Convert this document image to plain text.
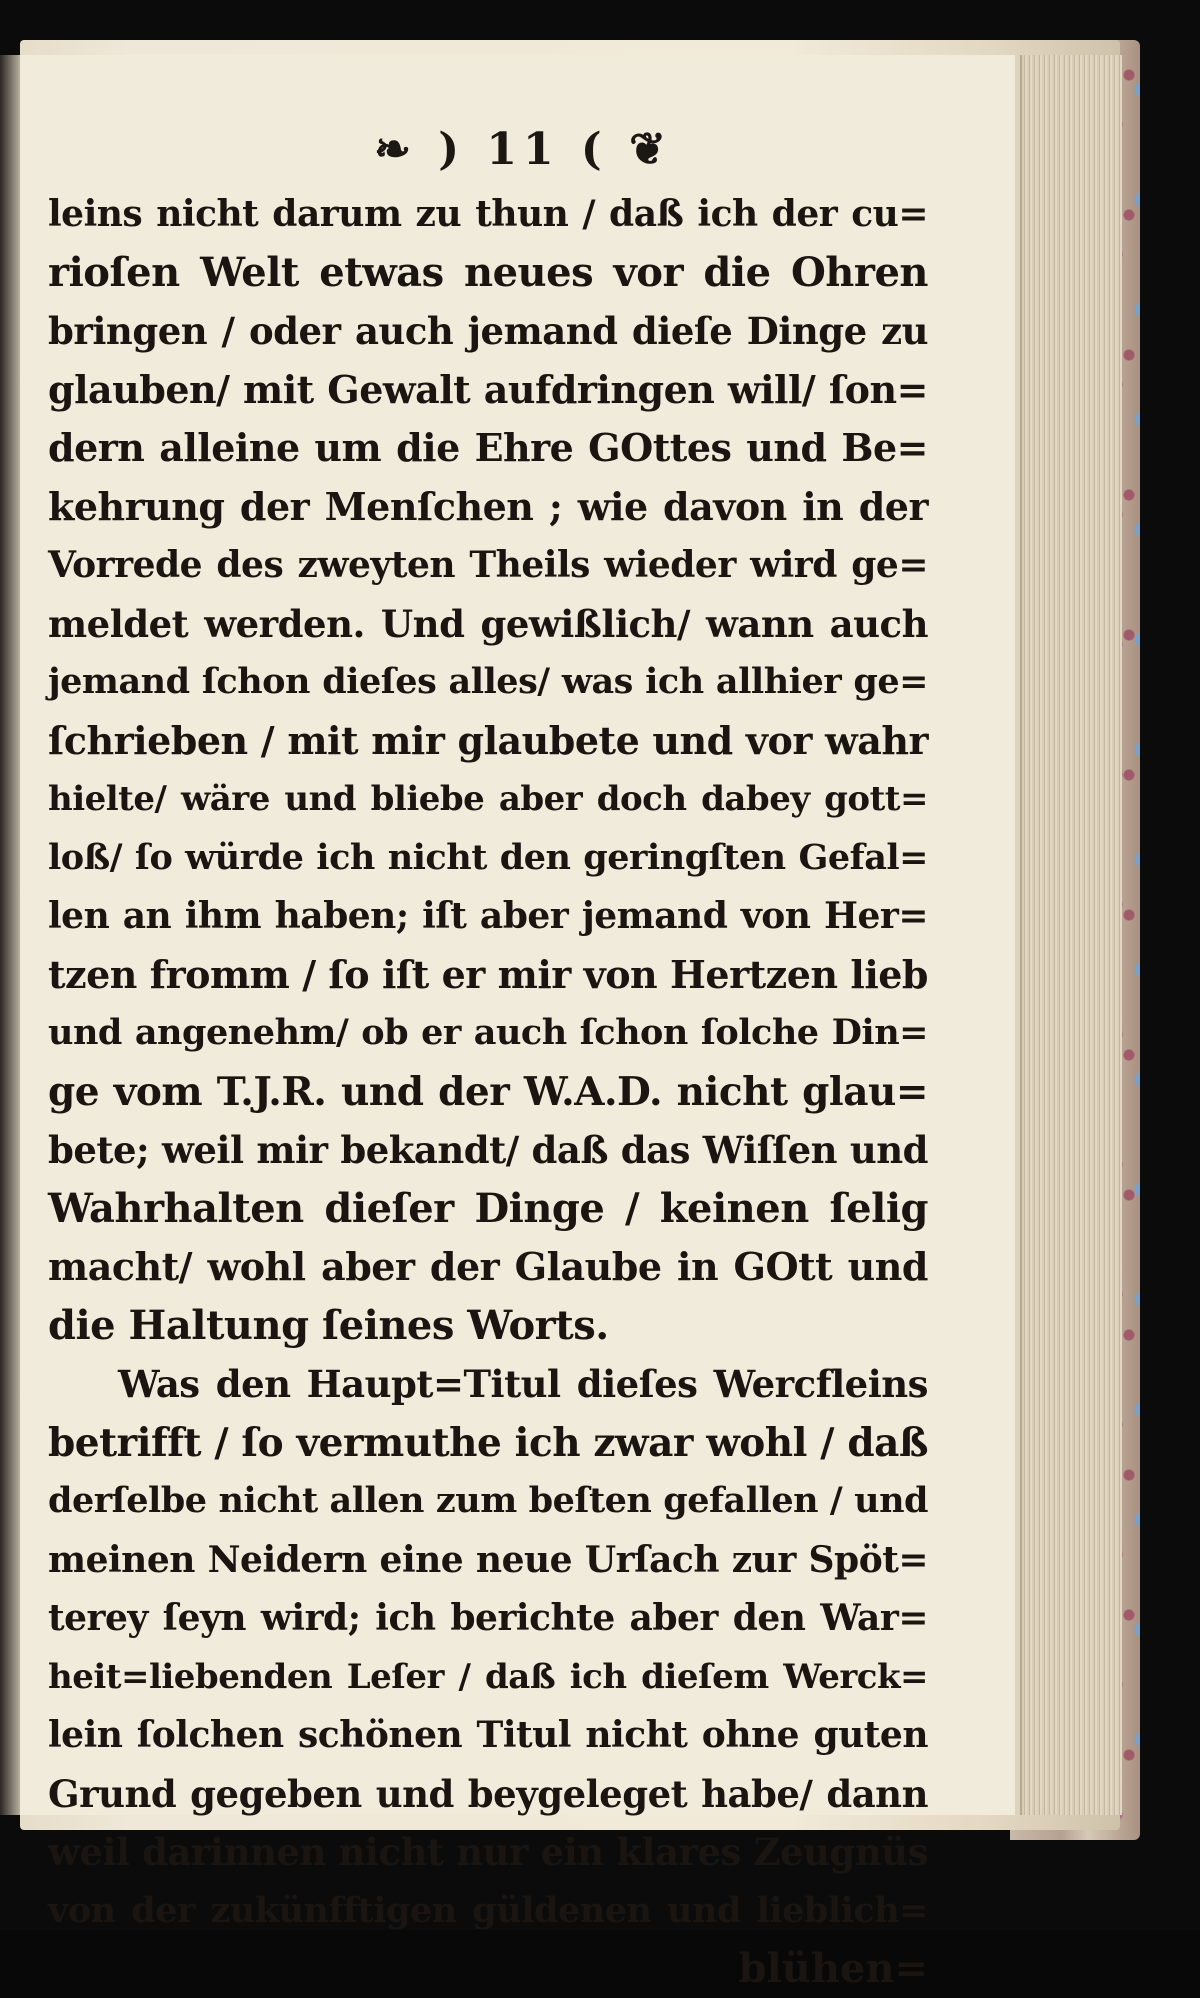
❧ ) 11 ( ❦
leins nicht darum zu thun / daß ich der cu=
rioſen Welt etwas neues vor die Ohren
bringen / oder auch jemand dieſe Dinge zu
glauben/ mit Gewalt aufdringen will/ ſon=
dern alleine um die Ehre GOttes und Be=
kehrung der Menſchen ; wie davon in der
Vorrede des zweyten Theils wieder wird ge=
meldet werden. Und gewißlich/ wann auch
jemand ſchon dieſes alles/ was ich allhier ge=
ſchrieben / mit mir glaubete und vor wahr
hielte/ wäre und bliebe aber doch dabey gott=
loß/ ſo würde ich nicht den geringſten Gefal=
len an ihm haben; iſt aber jemand von Her=
tzen fromm / ſo iſt er mir von Hertzen lieb
und angenehm/ ob er auch ſchon ſolche Din=
ge vom T.J.R. und der W.A.D. nicht glau=
bete; weil mir bekandt/ daß das Wiſſen und
Wahrhalten dieſer Dinge / keinen ſelig
macht/ wohl aber der Glaube in GOtt und
die Haltung ſeines Worts.
Was den Haupt=Titul dieſes Wercfleins
betrifft / ſo vermuthe ich zwar wohl / daß
derſelbe nicht allen zum beſten gefallen / und
meinen Neidern eine neue Urſach zur Spöt=
terey ſeyn wird; ich berichte aber den War=
heit=liebenden Leſer / daß ich dieſem Werck=
lein ſolchen schönen Titul nicht ohne guten
Grund gegeben und beygeleget habe/ dann
weil darinnen nicht nur ein klares Zeugnüs
von der zukünfftigen güldenen und lieblich=
blühen=
